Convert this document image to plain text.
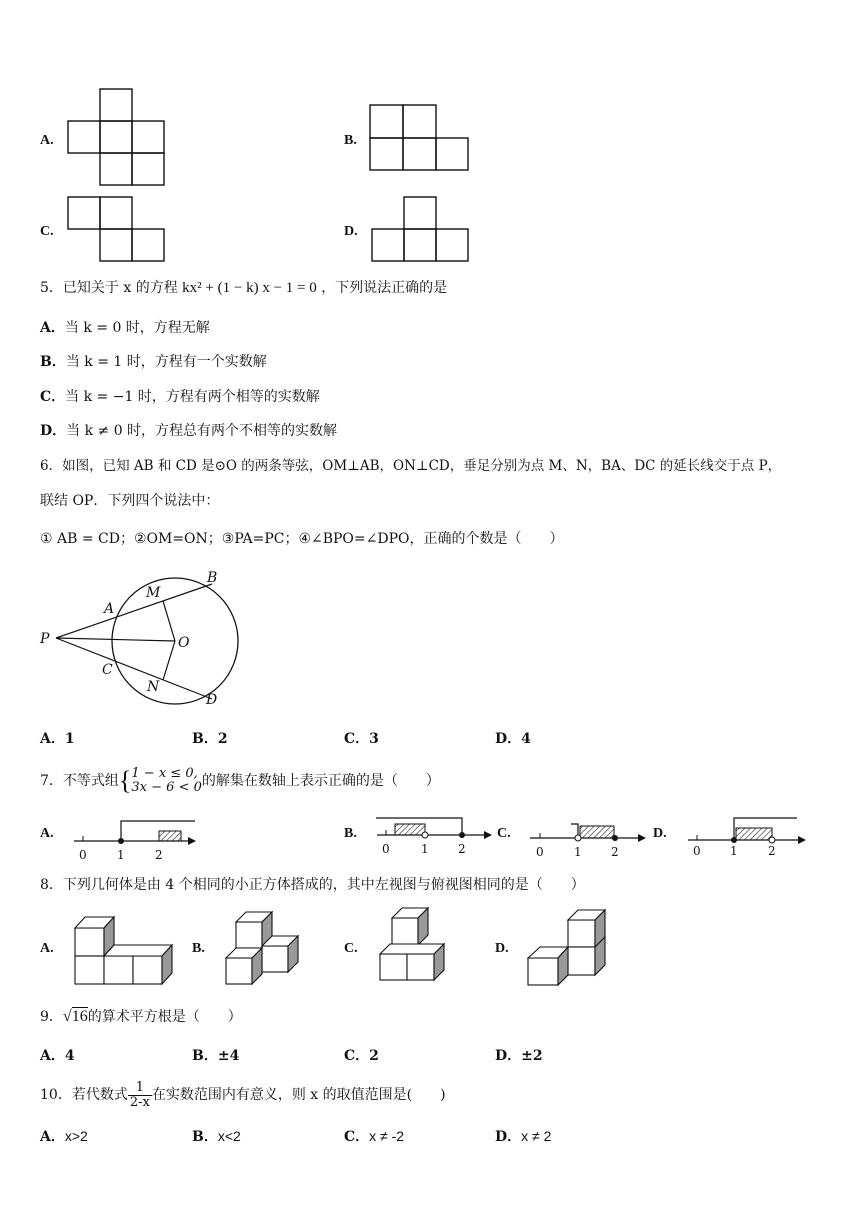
A.	B.
C.	D.
5．已知关于 x 的方程 kx² + (1 − k) x − 1 = 0 ，下列说法正确的是
A．当 k = 0 时，方程无解
B．当 k = 1 时，方程有一个实数解
C．当 k = −1 时，方程有两个相等的实数解
D．当 k ≠ 0 时，方程总有两个不相等的实数解
6．如图，已知 AB 和 CD 是⊙O 的两条等弦，OM⊥AB，ON⊥CD，垂足分别为点 M、N，BA、DC 的延长线交于点 P，
联结 OP．下列四个说法中：
① AB = CD；②OM=ON；③PA=PC；④∠BPO=∠DPO，正确的个数是（　　）
P
A
B
M
O
C
N
D
A．1	B．2	C．3	D．4
7．不等式组{ 1 − x ≤ 0,
3x − 6 < 0 的解集在数轴上表示正确的是（　　）
A.
0	1	2
B.
0	1 2
C.
0	1 2
D.
0 1	2
8．下列几何体是由 4 个相同的小正方体搭成的，其中左视图与俯视图相同的是（　　）
A.	B.	C.	D.
9．√16的算术平方根是（　　）
A．4	B．±4	C．2	D．±2
10．若代数式 $\frac{1}{2-x}$ 在实数范围内有意义，则 x 的取值范围是(　　)
A．x>2	B．x<2	C．x ≠ -2	D．x ≠ 2
